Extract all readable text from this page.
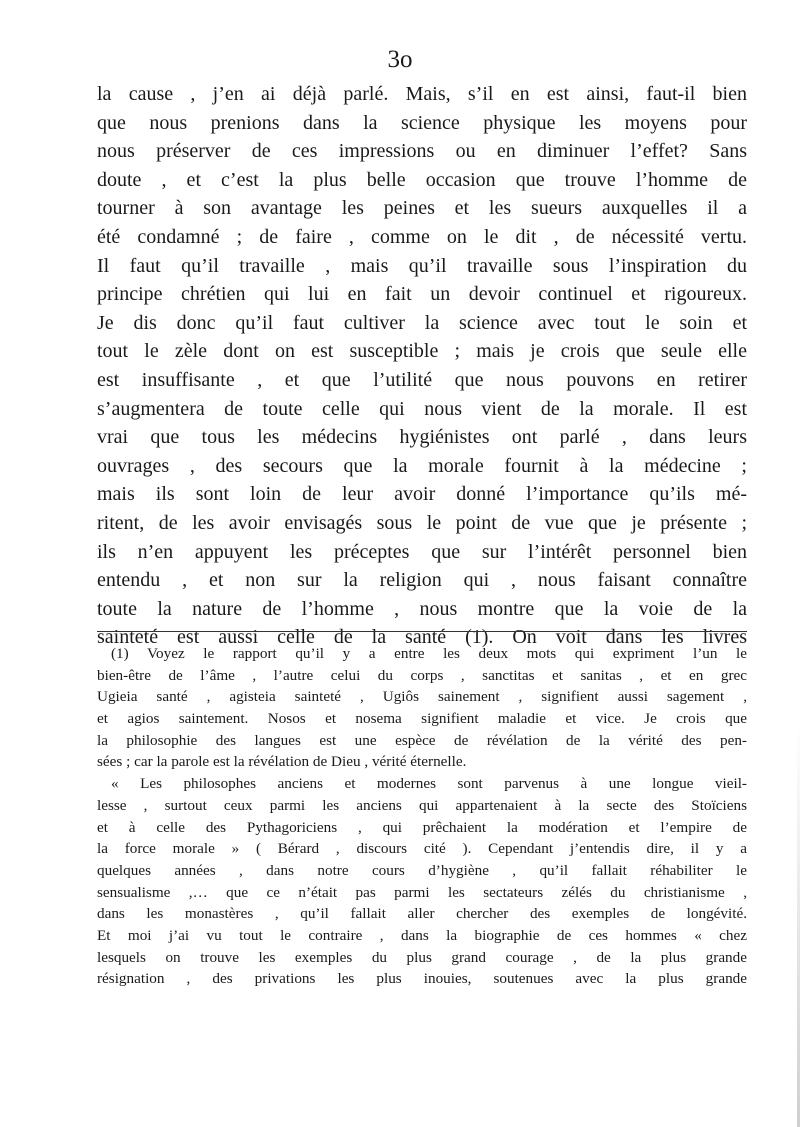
3o
la cause , j’en ai déjà parlé. Mais, s’il en est ainsi, faut-il bien
que nous prenions dans la science physique les moyens pour
nous préserver de ces impressions ou en diminuer l’effet? Sans
doute , et c’est la plus belle occasion que trouve l’homme de
tourner à son avantage les peines et les sueurs auxquelles il a
été condamné ; de faire , comme on le dit , de nécessité vertu.
Il faut qu’il travaille , mais qu’il travaille sous l’inspiration du
principe chrétien qui lui en fait un devoir continuel et rigoureux.
Je dis donc qu’il faut cultiver la science avec tout le soin et
tout le zèle dont on est susceptible ; mais je crois que seule elle
est insuffisante , et que l’utilité que nous pouvons en retirer
s’augmentera de toute celle qui nous vient de la morale. Il est
vrai que tous les médecins hygiénistes ont parlé , dans leurs
ouvrages , des secours que la morale fournit à la médecine ;
mais ils sont loin de leur avoir donné l’importance qu’ils mé-
ritent, de les avoir envisagés sous le point de vue que je présente ;
ils n’en appuyent les préceptes que sur l’intérêt personnel bien
entendu , et non sur la religion qui , nous faisant connaître
toute la nature de l’homme , nous montre que la voie de la
sainteté est aussi celle de la santé (1). On voit dans les livres
(1) Voyez le rapport qu’il y a entre les deux mots qui expriment l’un le
bien-être de l’âme , l’autre celui du corps , sanctitas et sanitas , et en grec
Ugieia santé , agisteia sainteté , Ugiôs sainement , signifient aussi sagement ,
et agios saintement. Nosos et nosema signifient maladie et vice. Je crois que
la philosophie des langues est une espèce de révélation de la vérité des pen-
sées ; car la parole est la révélation de Dieu , vérité éternelle.
« Les philosophes anciens et modernes sont parvenus à une longue vieil-
lesse , surtout ceux parmi les anciens qui appartenaient à la secte des Stoïciens
et à celle des Pythagoriciens , qui prêchaient la modération et l’empire de
la force morale » ( Bérard , discours cité ). Cependant j’entendis dire, il y a
quelques années , dans notre cours d’hygiène , qu’il fallait réhabiliter le
sensualisme ,… que ce n’était pas parmi les sectateurs zélés du christianisme ,
dans les monastères , qu’il fallait aller chercher des exemples de longévité.
Et moi j’ai vu tout le contraire , dans la biographie de ces hommes « chez
lesquels on trouve les exemples du plus grand courage , de la plus grande
résignation , des privations les plus inouies, soutenues avec la plus grande
